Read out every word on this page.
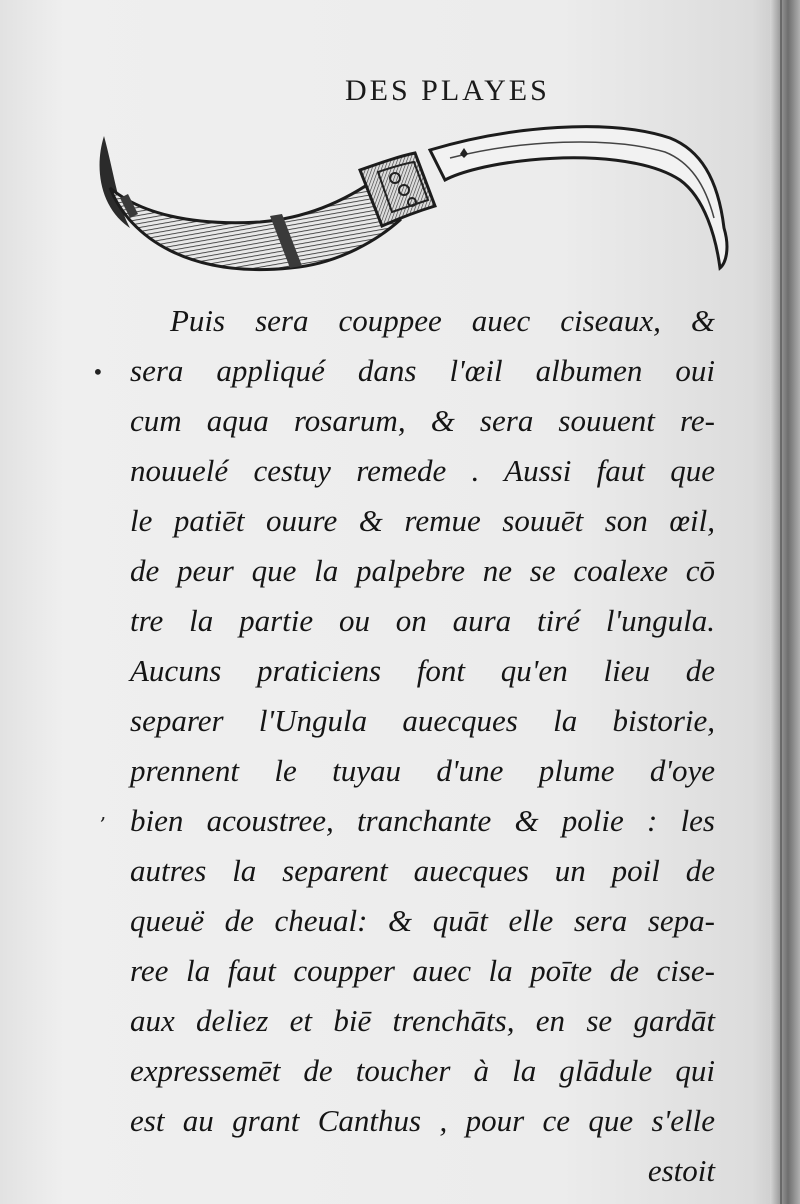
DES PLAYES
Puis sera couppee auec ciseaux, &
sera appliqué dans l'œil albumen oui
cum aqua rosarum, & sera souuent re-
nouuelé cestuy remede . Aussi faut que
le patiēt ouure & remue souuēt son œil,
de peur que la palpebre ne se coalexe cō
tre la partie ou on aura tiré l'ungula.
Aucuns praticiens font qu'en lieu de
separer l'Ungula auecques la bistorie,
prennent le tuyau d'une plume d'oye
bien acoustree, tranchante & polie : les
autres la separent auecques un poil de
queuë de cheual: & quāt elle sera sepa-
ree la faut coupper auec la poīte de cise-
aux deliez et biē trenchāts, en se gardāt
expressemēt de toucher à la glādule qui
est au grant Canthus , pour ce que s'elle
estoit
•
,
